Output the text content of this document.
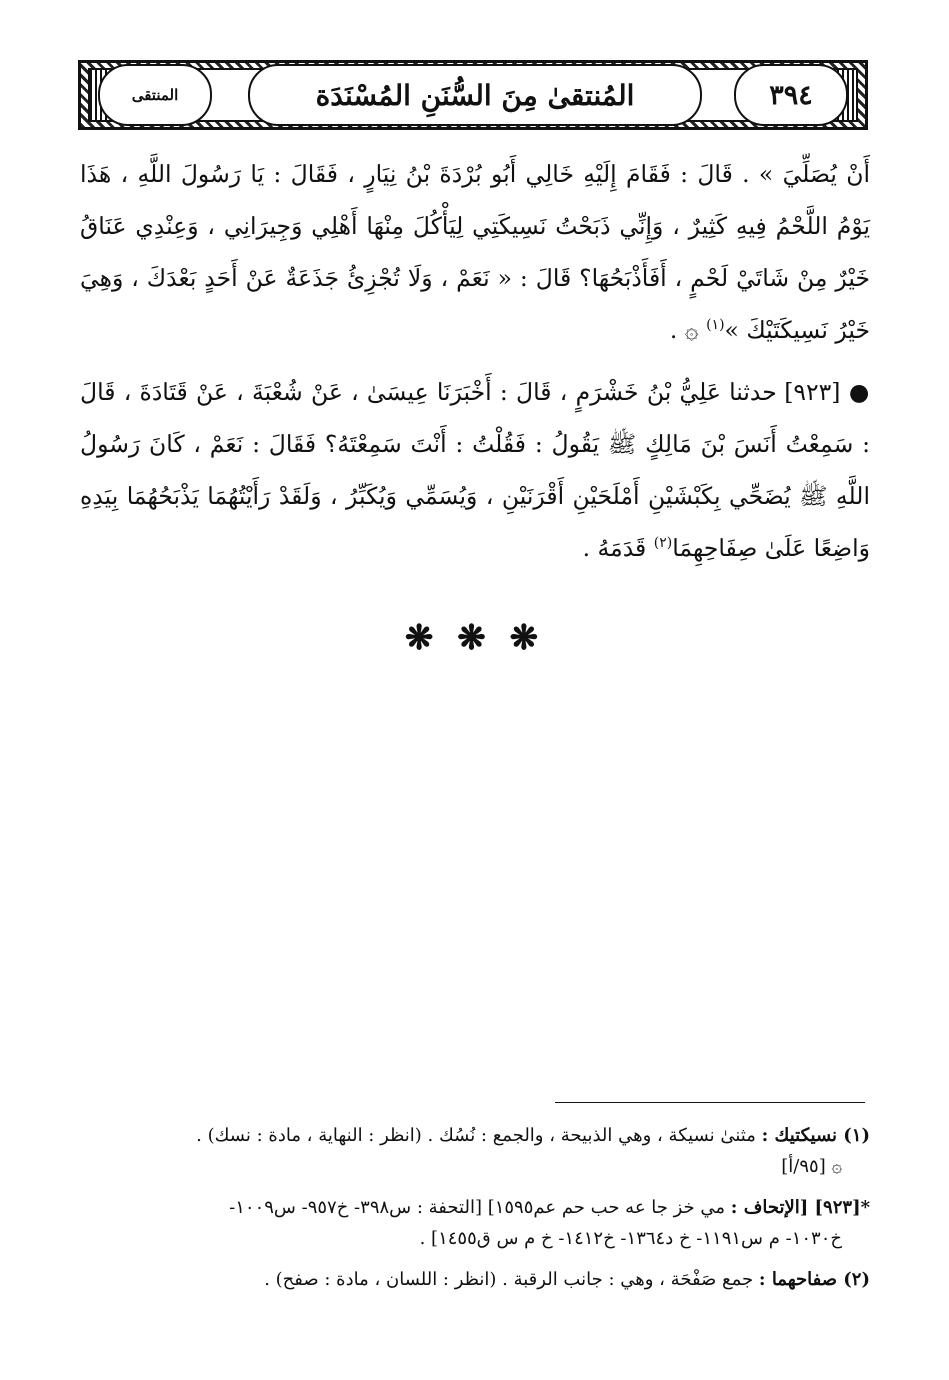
المنتقى	المُنتقىٰ مِنَ السُّنَنِ المُسْنَدَة	٣٩٤

أَنْ يُصَلِّيَ » . قَالَ : فَقَامَ إِلَيْهِ خَالِي أَبُو بُرْدَةَ بْنُ نِيَارٍ ، فَقَالَ : يَا رَسُولَ اللَّهِ ، هَذَا يَوْمُ اللَّحْمُ فِيهِ كَثِيرٌ ، وَإِنِّي ذَبَحْتُ نَسِيكَتِي لِيَأْكُلَ مِنْهَا أَهْلِي وَجِيرَانِي ، وَعِنْدِي عَنَاقُ خَيْرٌ مِنْ شَاتَيْ لَحْمٍ ، أَفَأَذْبَحُهَا؟ قَالَ : « نَعَمْ ، وَلَا تُجْزِئُ جَذَعَةٌ عَنْ أَحَدٍ بَعْدَكَ ، وَهِيَ خَيْرُ نَسِيكَتَيْكَ »$^{(١)}$ ۞ .

● [٩٢٣] حدثنا عَلِيُّ بْنُ خَشْرَمٍ ، قَالَ : أَخْبَرَنَا عِيسَىٰ ، عَنْ شُعْبَةَ ، عَنْ قَتَادَةَ ، قَالَ : سَمِعْتُ أَنَسَ بْنَ مَالِكٍ ﷺ يَقُولُ : فَقُلْتُ : أَنْتَ سَمِعْتَهُ؟ فَقَالَ : نَعَمْ ، كَانَ رَسُولُ اللَّهِ ﷺ يُضَحِّي بِكَبْشَيْنِ أَمْلَحَيْنِ أَقْرَنَيْنِ ، وَيُسَمِّي وَيُكَبِّرُ ، وَلَقَدْ رَأَيْتُهُمَا يَذْبَحُهُمَا بِيَدِهِ وَاضِعًا عَلَىٰ صِفَاحِهِمَا$^{(٢)}$ قَدَمَهُ .

❋ ❋ ❋

(١) نسيكتيك : مثنىٰ نسيكة ، وهي الذبيحة ، والجمع : نُسُك . (انظر : النهاية ، مادة : نسك) .
۞ [٩٥/أ]

*[٩٢٣] [الإتحاف : مي خز جا عه حب حم عم١٥٩٥] [التحفة : س٣٩٨- خ٩٥٧- س١٠٠٩-
خ١٠٣٠- م س١١٩١- خ د١٣٦٤- خ١٤١٢- خ م س ق١٤٥٥] .

(٢) صفاحهما : جمع صَفْحَة ، وهي : جانب الرقبة . (انظر : اللسان ، مادة : صفح) .
